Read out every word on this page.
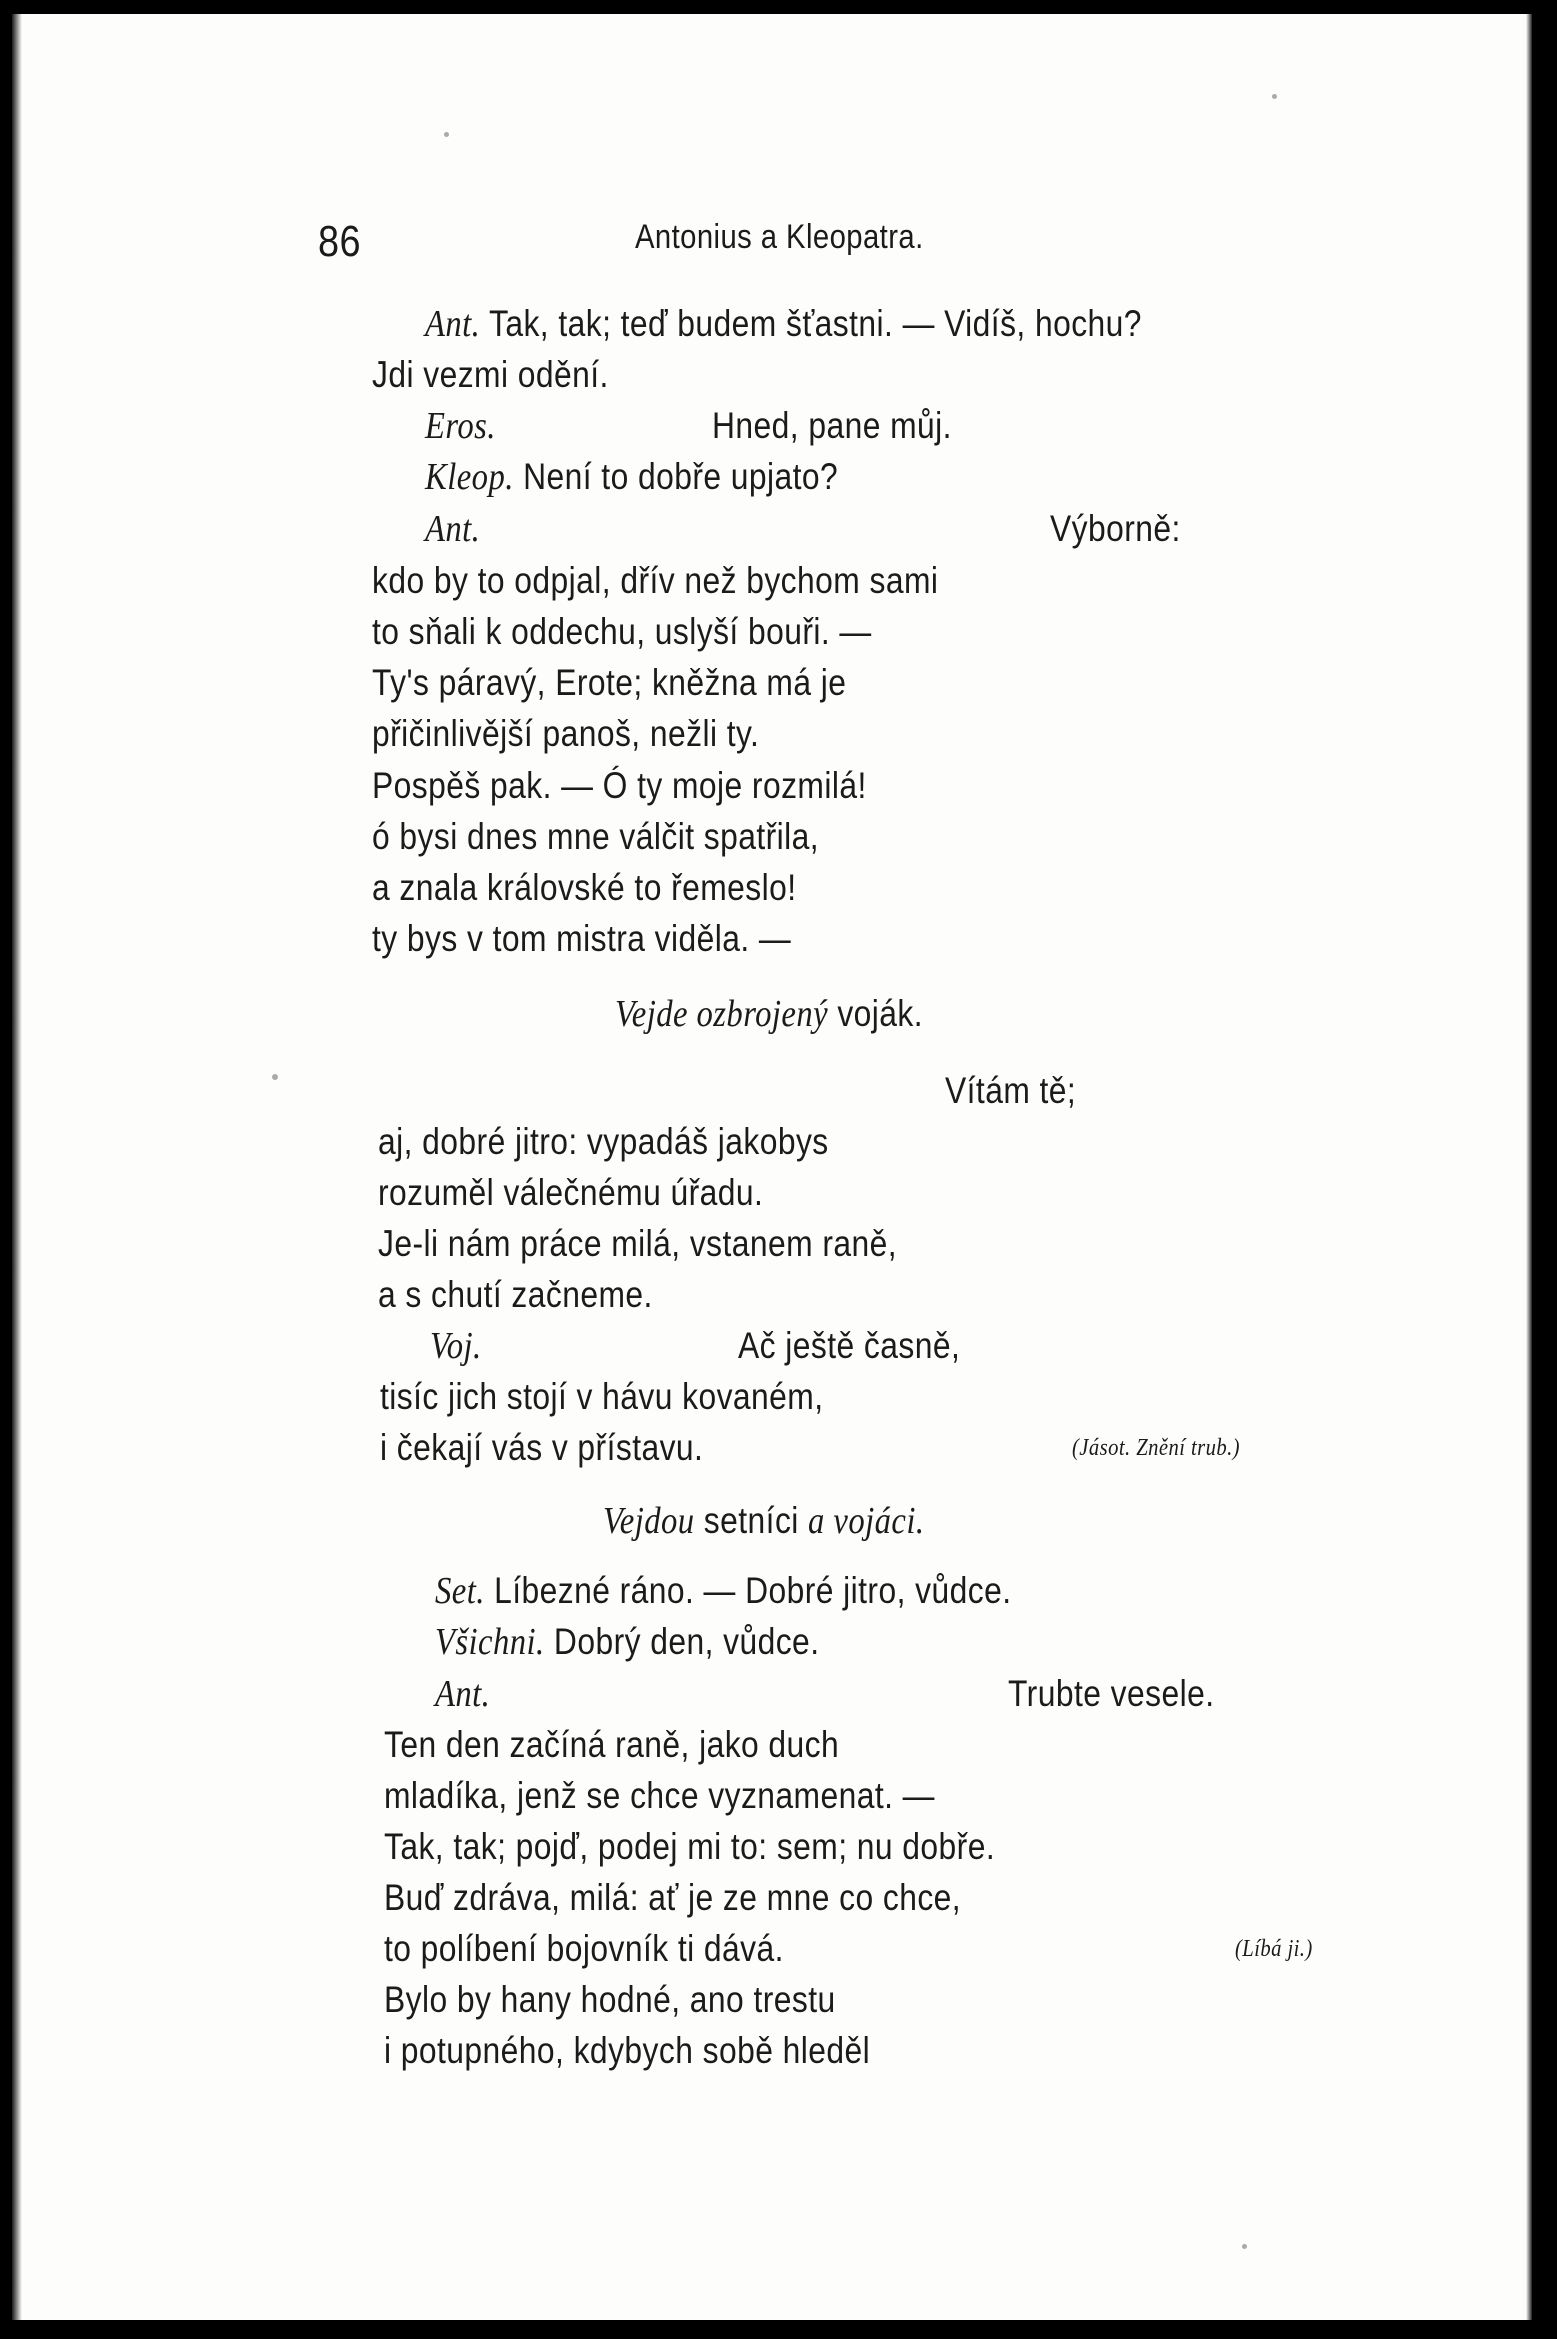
86	Antonius a Kleopatra.
Ant. Tak, tak; teď budem šťastni. — Vidíš, hochu?
Jdi vezmi odění.
Eros.	Hned, pane můj.
Kleop. Není to dobře upjato?
Ant.	Výborně:
kdo by to odpjal, dřív než bychom sami
to sňali k oddechu, uslyší bouři. —
Ty's páravý, Erote; kněžna má je
přičinlivější panoš, nežli ty.
Pospěš pak. — Ó ty moje rozmilá!
ó bysi dnes mne válčit spatřila,
a znala královské to řemeslo!
ty bys v tom mistra viděla. —
Vejde ozbrojený voják.
Vítám tě;
aj, dobré jitro: vypadáš jakobys
rozuměl válečnému úřadu.
Je-li nám práce milá, vstanem raně,
a s chutí začneme.
Voj.	Ač ještě časně,
tisíc jich stojí v hávu kovaném,
i čekají vás v přístavu.	(Jásot. Znění trub.)
Vejdou setníci a vojáci.
Set. Líbezné ráno. — Dobré jitro, vůdce.
Všichni. Dobrý den, vůdce.
Ant.	Trubte vesele.
Ten den začíná raně, jako duch
mladíka, jenž se chce vyznamenat. —
Tak, tak; pojď, podej mi to: sem; nu dobře.
Buď zdráva, milá: ať je ze mne co chce,
to políbení bojovník ti dává.	(Líbá ji.)
Bylo by hany hodné, ano trestu
i potupného, kdybych sobě hleděl
